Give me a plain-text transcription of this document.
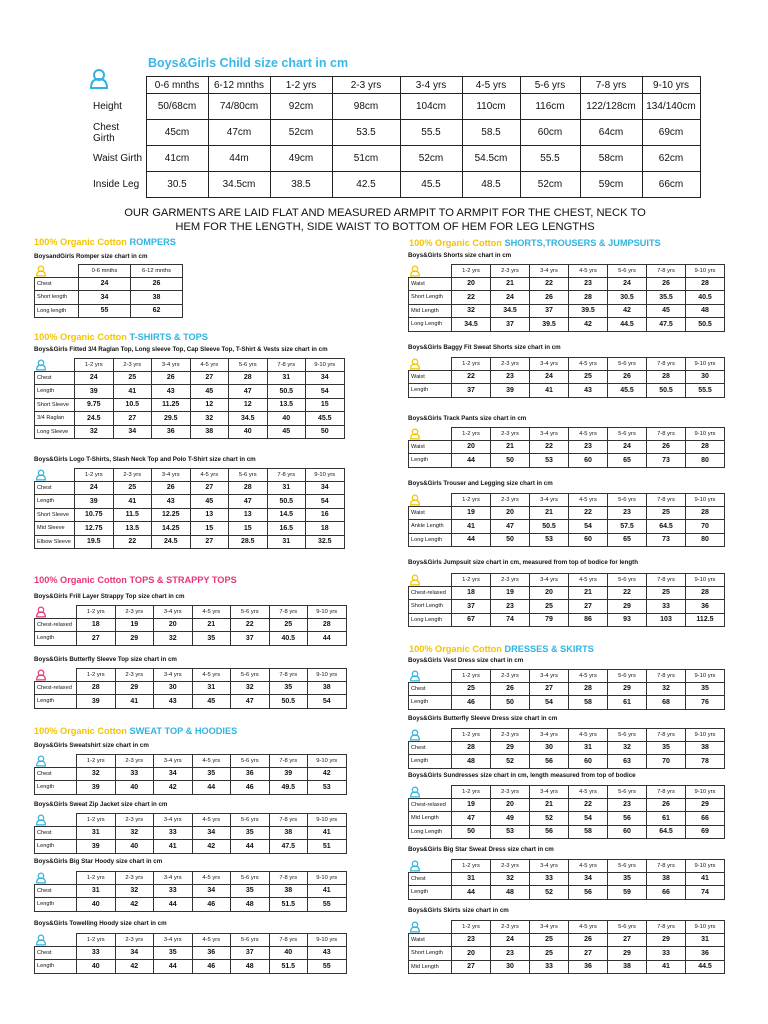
Boys&Girls Child size chart in cm
	0-6 mnths	6-12 mnths	1-2 yrs	2-3 yrs	3-4 yrs	4-5 yrs	5-6 yrs	7-8 yrs	9-10 yrs
Height	50/68cm	74/80cm	92cm	98cm	104cm	110cm	116cm	122/128cm	134/140cm
Chest Girth	45cm	47cm	52cm	53.5	55.5	58.5	60cm	64cm	69cm
Waist Girth	41cm	44m	49cm	51cm	52cm	54.5cm	55.5	58cm	62cm
Inside Leg	30.5	34.5cm	38.5	42.5	45.5	48.5	52cm	59cm	66cm
OUR GARMENTS ARE LAID FLAT AND MEASURED ARMPIT TO ARMPIT FOR THE CHEST, NECK TO HEM FOR THE LENGTH, SIDE WAIST TO BOTTOM OF HEM FOR LEG LENGTHS
100% Organic Cotton ROMPERS
100% Organic Cotton T-SHIRTS & TOPS
100% Organic Cotton TOPS & STRAPPY TOPS
100% Organic Cotton SWEAT TOP & HOODIES
100% Organic Cotton SHORTS,TROUSERS & JUMPSUITS
100% Organic Cotton DRESSES & SKIRTS
BoysandGirls Romper size chart in cm
	0-6 mnths	6-12 mnths
Chest	24	26
Short length	34	38
Long length	55	62
Boys&Girls Fitted 3/4 Raglan Top, Long sleeve Top, Cap Sleeve Top, T-Shirt & Vests size chart in cm
	1-2 yrs	2-3 yrs	3-4 yrs	4-5 yrs	5-6 yrs	7-8 yrs	9-10 yrs
Chest	24	25	26	27	28	31	34
Length	39	41	43	45	47	50.5	54
Short Sleeve	9.75	10.5	11.25	12	12	13.5	15
3/4 Raglan	24.5	27	29.5	32	34.5	40	45.5
Long Sleeve	32	34	36	38	40	45	50
Boys&Girls Logo T-Shirts, Slash Neck Top and Polo T-Shirt size chart in cm
	1-2 yrs	2-3 yrs	3-4 yrs	4-5 yrs	5-6 yrs	7-8 yrs	9-10 yrs
Chest	24	25	26	27	28	31	34
Length	39	41	43	45	47	50.5	54
Short Sleeve	10.75	11.5	12.25	13	13	14.5	16
Mid Sleeve	12.75	13.5	14.25	15	15	16.5	18
Elbow Sleeve	19.5	22	24.5	27	28.5	31	32.5
Boys&Girls Frill Layer Strappy Top size chart in cm
	1-2 yrs	2-3 yrs	3-4 yrs	4-5 yrs	5-6 yrs	7-8 yrs	9-10 yrs
Chest-relaxed	18	19	20	21	22	25	28
Length	27	29	32	35	37	40.5	44
Boys&Girls Butterfly Sleeve Top size chart in cm
	1-2 yrs	2-3 yrs	3-4 yrs	4-5 yrs	5-6 yrs	7-8 yrs	9-10 yrs
Chest-relaxed	28	29	30	31	32	35	38
Length	39	41	43	45	47	50.5	54
Boys&Girls Sweatshirt size chart in cm
	1-2 yrs	2-3 yrs	3-4 yrs	4-5 yrs	5-6 yrs	7-8 yrs	9-10 yrs
Chest	32	33	34	35	36	39	42
Length	39	40	42	44	46	49.5	53
Boys&Girls Sweat Zip Jacket size chart in cm
	1-2 yrs	2-3 yrs	3-4 yrs	4-5 yrs	5-6 yrs	7-8 yrs	9-10 yrs
Chest	31	32	33	34	35	38	41
Length	39	40	41	42	44	47.5	51
Boys&Girls Big Star Hoody size chart in cm
	1-2 yrs	2-3 yrs	3-4 yrs	4-5 yrs	5-6 yrs	7-8 yrs	9-10 yrs
Chest	31	32	33	34	35	38	41
Length	40	42	44	46	48	51.5	55
Boys&Girls Towelling Hoody size chart in cm
	1-2 yrs	2-3 yrs	3-4 yrs	4-5 yrs	5-6 yrs	7-8 yrs	9-10 yrs
Chest	33	34	35	36	37	40	43
Length	40	42	44	46	48	51.5	55
Boys&Girls Shorts size chart in cm
	1-2 yrs	2-3 yrs	3-4 yrs	4-5 yrs	5-6 yrs	7-8 yrs	9-10 yrs
Waist	20	21	22	23	24	26	28
Short Length	22	24	26	28	30.5	35.5	40.5
Mid Length	32	34.5	37	39.5	42	45	48
Long Length	34.5	37	39.5	42	44.5	47.5	50.5
Boys&Girls Baggy Fit Sweat Shorts size chart in cm
	1-2 yrs	2-3 yrs	3-4 yrs	4-5 yrs	5-6 yrs	7-8 yrs	9-10 yrs
Waist	22	23	24	25	26	28	30
Length	37	39	41	43	45.5	50.5	55.5
Boys&Girls Track Pants size chart in cm
	1-2 yrs	2-3 yrs	3-4 yrs	4-5 yrs	5-6 yrs	7-8 yrs	9-10 yrs
Waist	20	21	22	23	24	26	28
Length	44	50	53	60	65	73	80
Boys&Girls Trouser and Legging size chart in cm
	1-2 yrs	2-3 yrs	3-4 yrs	4-5 yrs	5-6 yrs	7-8 yrs	9-10 yrs
Waist	19	20	21	22	23	25	28
Ankle Length	41	47	50.5	54	57.5	64.5	70
Long Length	44	50	53	60	65	73	80
Boys&Girls Jumpsuit size chart in cm, measured from top of bodice for length
	1-2 yrs	2-3 yrs	3-4 yrs	4-5 yrs	5-6 yrs	7-8 yrs	9-10 yrs
Chest-relaxed	18	19	20	21	22	25	28
Short Length	37	23	25	27	29	33	36
Long Length	67	74	79	86	93	103	112.5
Boys&Girls Vest Dress size chart in cm
	1-2 yrs	2-3 yrs	3-4 yrs	4-5 yrs	5-6 yrs	7-8 yrs	9-10 yrs
Chest	25	26	27	28	29	32	35
Length	46	50	54	58	61	68	76
Boys&Girls Butterfly Sleeve Dress size chart in cm
	1-2 yrs	2-3 yrs	3-4 yrs	4-5 yrs	5-6 yrs	7-8 yrs	9-10 yrs
Chest	28	29	30	31	32	35	38
Length	48	52	56	60	63	70	78
Boys&Girls Sundresses size chart in cm, length measured from top of bodice
	1-2 yrs	2-3 yrs	3-4 yrs	4-5 yrs	5-6 yrs	7-8 yrs	9-10 yrs
Chest-relaxed	19	20	21	22	23	26	29
Mid Length	47	49	52	54	56	61	66
Long Length	50	53	56	58	60	64.5	69
Boys&Girls Big Star Sweat Dress size chart in cm
	1-2 yrs	2-3 yrs	3-4 yrs	4-5 yrs	5-6 yrs	7-8 yrs	9-10 yrs
Chest	31	32	33	34	35	38	41
Length	44	48	52	56	59	66	74
Boys&Girls Skirts size chart in cm
	1-2 yrs	2-3 yrs	3-4 yrs	4-5 yrs	5-6 yrs	7-8 yrs	9-10 yrs
Waist	23	24	25	26	27	29	31
Short Length	20	23	25	27	29	33	36
Mid Length	27	30	33	36	38	41	44.5
